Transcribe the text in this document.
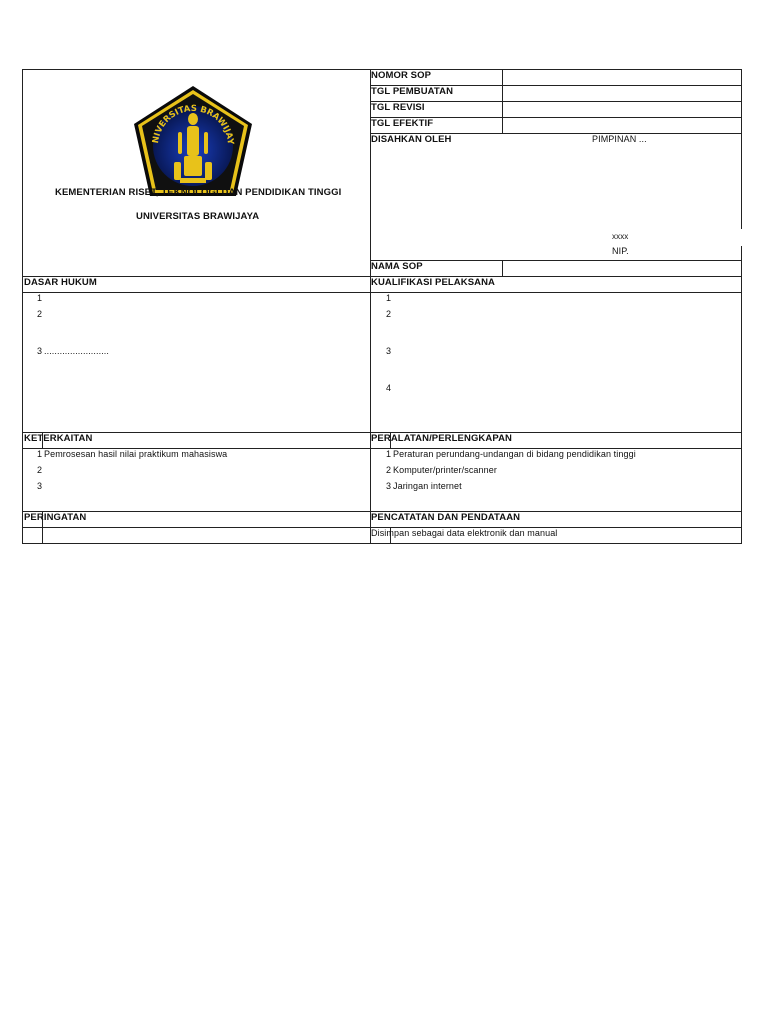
NIVERSITAS BRAWIJAY
KEMENTERIAN RISET, TEKNOLOGI DAN PENDIDIKAN TINGGI
UNIVERSITAS BRAWIJAYA
NOMOR SOP
TGL PEMBUATAN
TGL REVISI
TGL EFEKTIF
DISAHKAN OLEH
NAMA SOP
PIMPINAN ...
xxxx
NIP.
DASAR HUKUM
1
2
3 .........................
KUALIFIKASI PELAKSANA
1
2
3
4
KETERKAITAN
1 Pemrosesan hasil nilai praktikum mahasiswa
2
3
PERALATAN/PERLENGKAPAN
1 Peraturan perundang-undangan di bidang pendidikan tinggi
2 Komputer/printer/scanner
3 Jaringan internet
PERINGATAN	PENCATATAN DAN PENDATAAN
Disimpan sebagai data elektronik dan manual
